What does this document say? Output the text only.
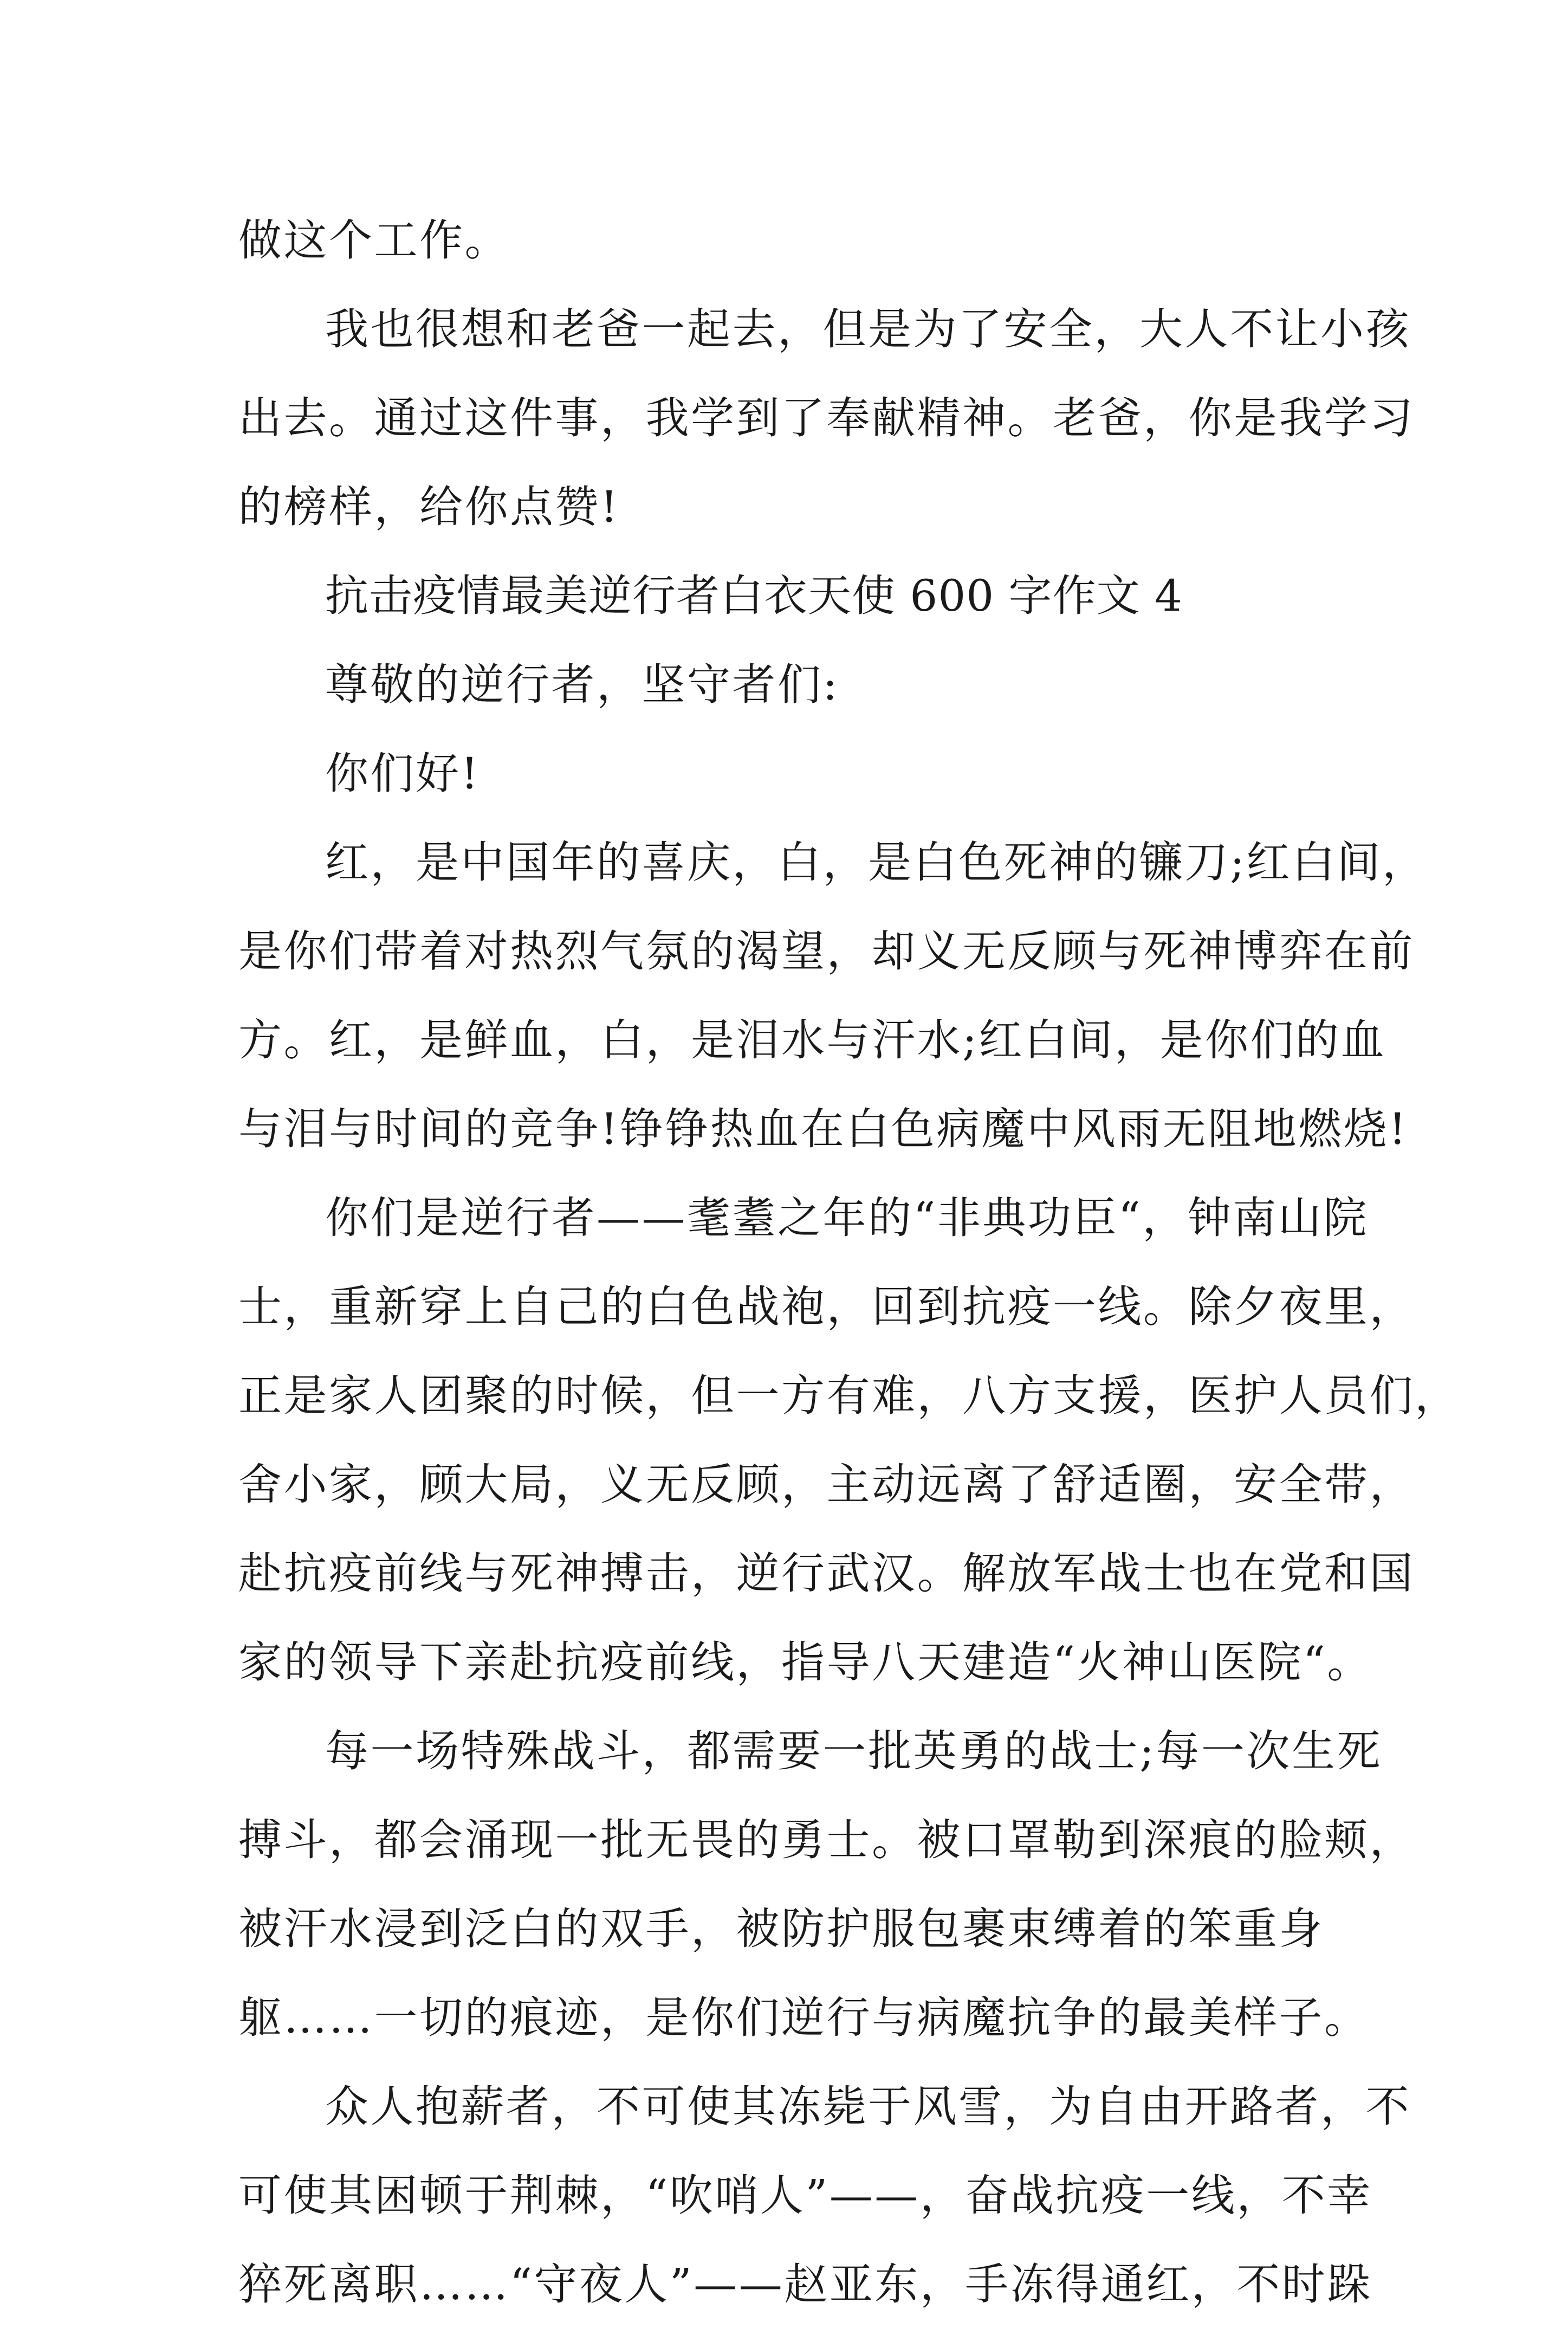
做这个工作。
我也很想和老爸一起去，但是为了安全，大人不让小孩
出去。通过这件事，我学到了奉献精神。老爸，你是我学习
的榜样，给你点赞!
抗击疫情最美逆行者白衣天使 600 字作文 4
尊敬的逆行者，坚守者们:
你们好!
红，是中国年的喜庆，白，是白色死神的镰刀;红白间，
是你们带着对热烈气氛的渴望，却义无反顾与死神博弈在前
方。红，是鲜血，白，是泪水与汗水;红白间，是你们的血
与泪与时间的竞争!铮铮热血在白色病魔中风雨无阻地燃烧!
你们是逆行者——耄耋之年的“非典功臣“，钟南山院
士，重新穿上自己的白色战袍，回到抗疫一线。除夕夜里，
正是家人团聚的时候，但一方有难，八方支援，医护人员们，
舍小家，顾大局，义无反顾，主动远离了舒适圈，安全带，
赴抗疫前线与死神搏击，逆行武汉。解放军战士也在党和国
家的领导下亲赴抗疫前线，指导八天建造“火神山医院“。
每一场特殊战斗，都需要一批英勇的战士;每一次生死
搏斗，都会涌现一批无畏的勇士。被口罩勒到深痕的脸颊，
被汗水浸到泛白的双手，被防护服包裹束缚着的笨重身
躯……一切的痕迹，是你们逆行与病魔抗争的最美样子。
众人抱薪者，不可使其冻毙于风雪，为自由开路者，不
可使其困顿于荆棘，“吹哨人”——，奋战抗疫一线，不幸
猝死离职……“守夜人”——赵亚东，手冻得通红，不时跺
